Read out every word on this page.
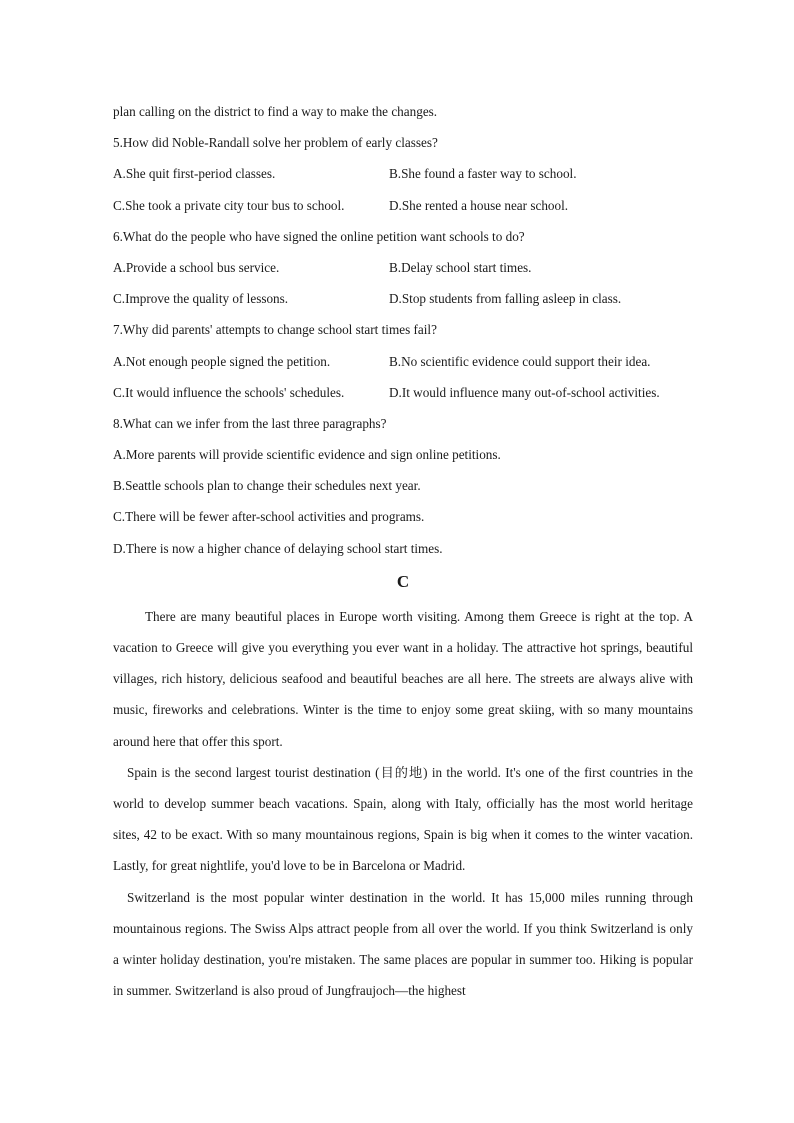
plan calling on the district to find a way to make the changes.
5.How did Noble-Randall solve her problem of early classes?
A.She quit first-period classes.	B.She found a faster way to school.
C.She took a private city tour bus to school.	D.She rented a house near school.
6.What do the people who have signed the online petition want schools to do?
A.Provide a school bus service.	B.Delay school start times.
C.Improve the quality of lessons.	D.Stop students from falling asleep in class.
7.Why did parents' attempts to change school start times fail?
A.Not enough people signed the petition.	B.No scientific evidence could support their idea.
C.It would influence the schools' schedules.	D.It would influence many out-of-school activities.
8.What can we infer from the last three paragraphs?
A.More parents will provide scientific evidence and sign online petitions.
B.Seattle schools plan to change their schedules next year.
C.There will be fewer after-school activities and programs.
D.There is now a higher chance of delaying school start times.
C

There are many beautiful places in Europe worth visiting. Among them Greece is right at the top. A vacation to Greece will give you everything you ever want in a holiday. The attractive hot springs, beautiful villages, rich history, delicious seafood and beautiful beaches are all here. The streets are always alive with music, fireworks and celebrations. Winter is the time to enjoy some great skiing, with so many mountains around here that offer this sport.

Spain is the second largest tourist destination (目的地) in the world. It's one of the first countries in the world to develop summer beach vacations. Spain, along with Italy, officially has the most world heritage sites, 42 to be exact. With so many mountainous regions, Spain is big when it comes to the winter vacation. Lastly, for great nightlife, you'd love to be in Barcelona or Madrid.

Switzerland is the most popular winter destination in the world. It has 15,000 miles running through mountainous regions. The Swiss Alps attract people from all over the world. If you think Switzerland is only a winter holiday destination, you're mistaken. The same places are popular in summer too. Hiking is popular in summer. Switzerland is also proud of Jungfraujoch—the highest
